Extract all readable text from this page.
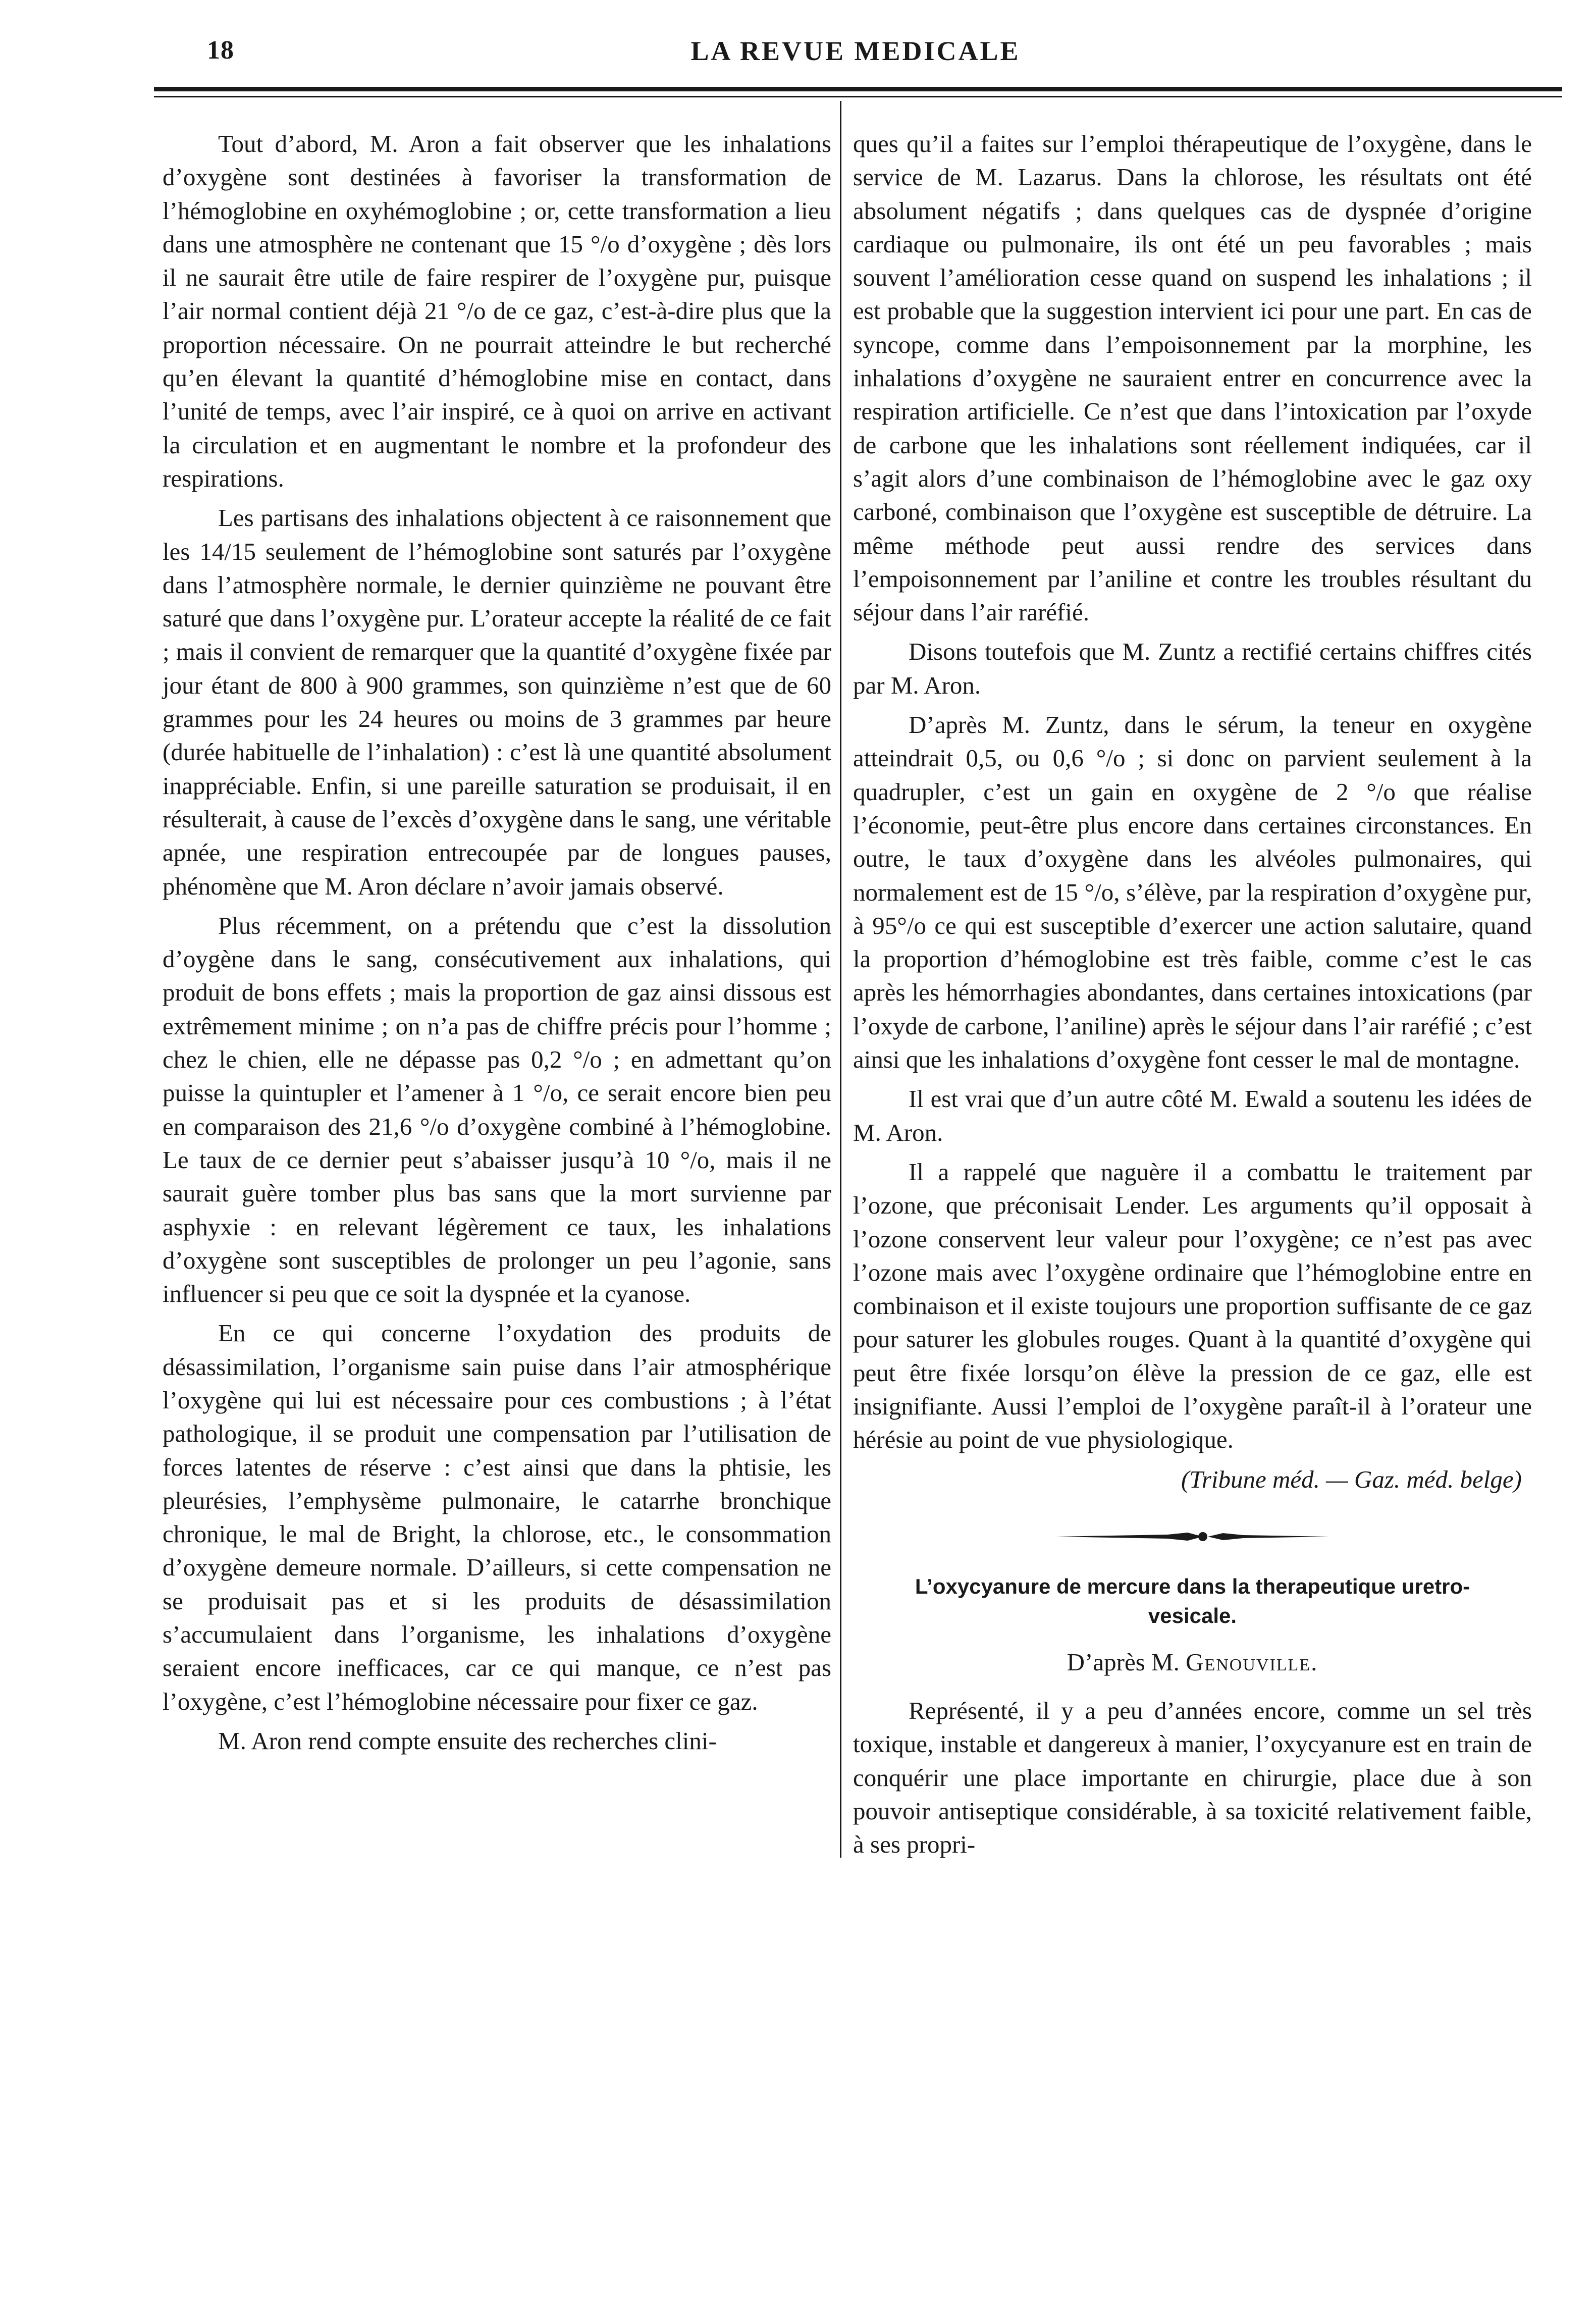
18	LA REVUE MEDICALE

Tout d’abord, M. Aron a fait observer que les inhalations d’oxygène sont destinées à favoriser la transformation de l’hémoglobine en oxyhémoglobine ; or, cette transformation a lieu dans une atmosphère ne contenant que 15 °/o d’oxygène ; dès lors il ne saurait être utile de faire respirer de l’oxygène pur, puisque l’air normal contient déjà 21 °/o de ce gaz, c’est-à-dire plus que la proportion nécessaire. On ne pourrait atteindre le but recherché qu’en élevant la quantité d’hémoglobine mise en contact, dans l’unité de temps, avec l’air inspiré, ce à quoi on arrive en activant la circulation et en augmentant le nombre et la profondeur des respirations.

Les partisans des inhalations objectent à ce raisonnement que les 14/15 seulement de l’hémoglobine sont saturés par l’oxygène dans l’atmosphère normale, le dernier quinzième ne pouvant être saturé que dans l’oxygène pur. L’orateur accepte la réalité de ce fait ; mais il convient de remarquer que la quantité d’oxygène fixée par jour étant de 800 à 900 grammes, son quinzième n’est que de 60 grammes pour les 24 heures ou moins de 3 grammes par heure (durée habituelle de l’inhalation) : c’est là une quantité absolument inappréciable. Enfin, si une pareille saturation se produisait, il en résulterait, à cause de l’excès d’oxygène dans le sang, une véritable apnée, une respiration entrecoupée par de longues pauses, phénomène que M. Aron déclare n’avoir jamais observé.

Plus récemment, on a prétendu que c’est la dissolution d’oygène dans le sang, consécutivement aux inhalations, qui produit de bons effets ; mais la proportion de gaz ainsi dissous est extrêmement minime ; on n’a pas de chiffre précis pour l’homme ; chez le chien, elle ne dépasse pas 0,2 °/o ; en admettant qu’on puisse la quintupler et l’amener à 1 °/o, ce serait encore bien peu en comparaison des 21,6 °/o d’oxygène combiné à l’hémoglobine. Le taux de ce dernier peut s’abaisser jusqu’à 10 °/o, mais il ne saurait guère tomber plus bas sans que la mort survienne par asphyxie : en relevant légèrement ce taux, les inhalations d’oxygène sont susceptibles de prolonger un peu l’agonie, sans influencer si peu que ce soit la dyspnée et la cyanose.

En ce qui concerne l’oxydation des produits de désassimilation, l’organisme sain puise dans l’air atmosphérique l’oxygène qui lui est nécessaire pour ces combustions ; à l’état pathologique, il se produit une compensation par l’utilisation de forces latentes de réserve : c’est ainsi que dans la phtisie, les pleurésies, l’emphysème pulmonaire, le catarrhe bronchique chronique, le mal de Bright, la chlorose, etc., le consommation d’oxygène demeure normale. D’ailleurs, si cette compensation ne se produisait pas et si les produits de désassimilation s’accumulaient dans l’organisme, les inhalations d’oxygène seraient encore inefficaces, car ce qui manque, ce n’est pas l’oxygène, c’est l’hémoglobine nécessaire pour fixer ce gaz.

M. Aron rend compte ensuite des recherches clini-

ques qu’il a faites sur l’emploi thérapeutique de l’oxygène, dans le service de M. Lazarus. Dans la chlorose, les résultats ont été absolument négatifs ; dans quelques cas de dyspnée d’origine cardiaque ou pulmonaire, ils ont été un peu favorables ; mais souvent l’amélioration cesse quand on suspend les inhalations ; il est probable que la suggestion intervient ici pour une part. En cas de syncope, comme dans l’empoisonnement par la morphine, les inhalations d’oxygène ne sauraient entrer en concurrence avec la respiration artificielle. Ce n’est que dans l’intoxication par l’oxyde de carbone que les inhalations sont réellement indiquées, car il s’agit alors d’une combinaison de l’hémoglobine avec le gaz oxy carboné, combinaison que l’oxygène est susceptible de détruire. La même méthode peut aussi rendre des services dans l’empoisonnement par l’aniline et contre les troubles résultant du séjour dans l’air raréfié.

Disons toutefois que M. Zuntz a rectifié certains chiffres cités par M. Aron.

D’après M. Zuntz, dans le sérum, la teneur en oxygène atteindrait 0,5, ou 0,6 °/o ; si donc on parvient seulement à la quadrupler, c’est un gain en oxygène de 2 °/o que réalise l’économie, peut-être plus encore dans certaines circonstances. En outre, le taux d’oxygène dans les alvéoles pulmonaires, qui normalement est de 15 °/o, s’élève, par la respiration d’oxygène pur, à 95°/o ce qui est susceptible d’exercer une action salutaire, quand la proportion d’hémoglobine est très faible, comme c’est le cas après les hémorrhagies abondantes, dans certaines intoxications (par l’oxyde de carbone, l’aniline) après le séjour dans l’air raréfié ; c’est ainsi que les inhalations d’oxygène font cesser le mal de montagne.

Il est vrai que d’un autre côté M. Ewald a soutenu les idées de M. Aron.

Il a rappelé que naguère il a combattu le traitement par l’ozone, que préconisait Lender. Les arguments qu’il opposait à l’ozone conservent leur valeur pour l’oxygène; ce n’est pas avec l’ozone mais avec l’oxygène ordinaire que l’hémoglobine entre en combinaison et il existe toujours une proportion suffisante de ce gaz pour saturer les globules rouges. Quant à la quantité d’oxygène qui peut être fixée lorsqu’on élève la pression de ce gaz, elle est insignifiante. Aussi l’emploi de l’oxygène paraît-il à l’orateur une hérésie au point de vue physiologique.

(Tribune méd. — Gaz. méd. belge)
L’oxycyanure de mercure dans la therapeutique uretro-vesicale.
D’après M. Genouville.

Représenté, il y a peu d’années encore, comme un sel très toxique, instable et dangereux à manier, l’oxycyanure est en train de conquérir une place importante en chirurgie, place due à son pouvoir antiseptique considérable, à sa toxicité relativement faible, à ses propri-
